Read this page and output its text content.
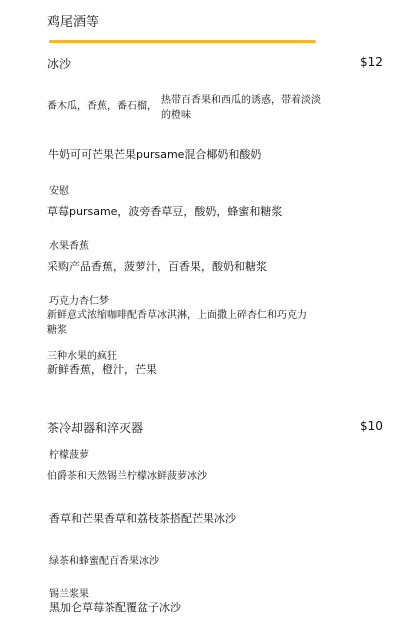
鸡尾酒等
冰沙	$12
番木瓜，香蕉，番石榴，
热带百香果和西瓜的诱惑，带着淡淡
的橙味
牛奶可可芒果芒果pursame混合椰奶和酸奶
安慰
草莓pursame，波旁香草豆，酸奶，蜂蜜和糖浆
水果香蕉
采购产品香蕉，菠萝汁，百香果，酸奶和糖浆
巧克力杏仁梦
新鲜意式浓缩咖啡配香草冰淇淋，上面撒上碎杏仁和巧克力
糖浆
三种水果的疯狂
新鲜香蕉，橙汁，芒果
茶冷却器和淬灭器	$10
柠檬菠萝
伯爵茶和天然锡兰柠檬冰鲜菠萝冰沙
香草和芒果香草和荔枝茶搭配芒果冰沙
绿茶和蜂蜜配百香果冰沙
锡兰浆果
黑加仑草莓茶配覆盆子冰沙
